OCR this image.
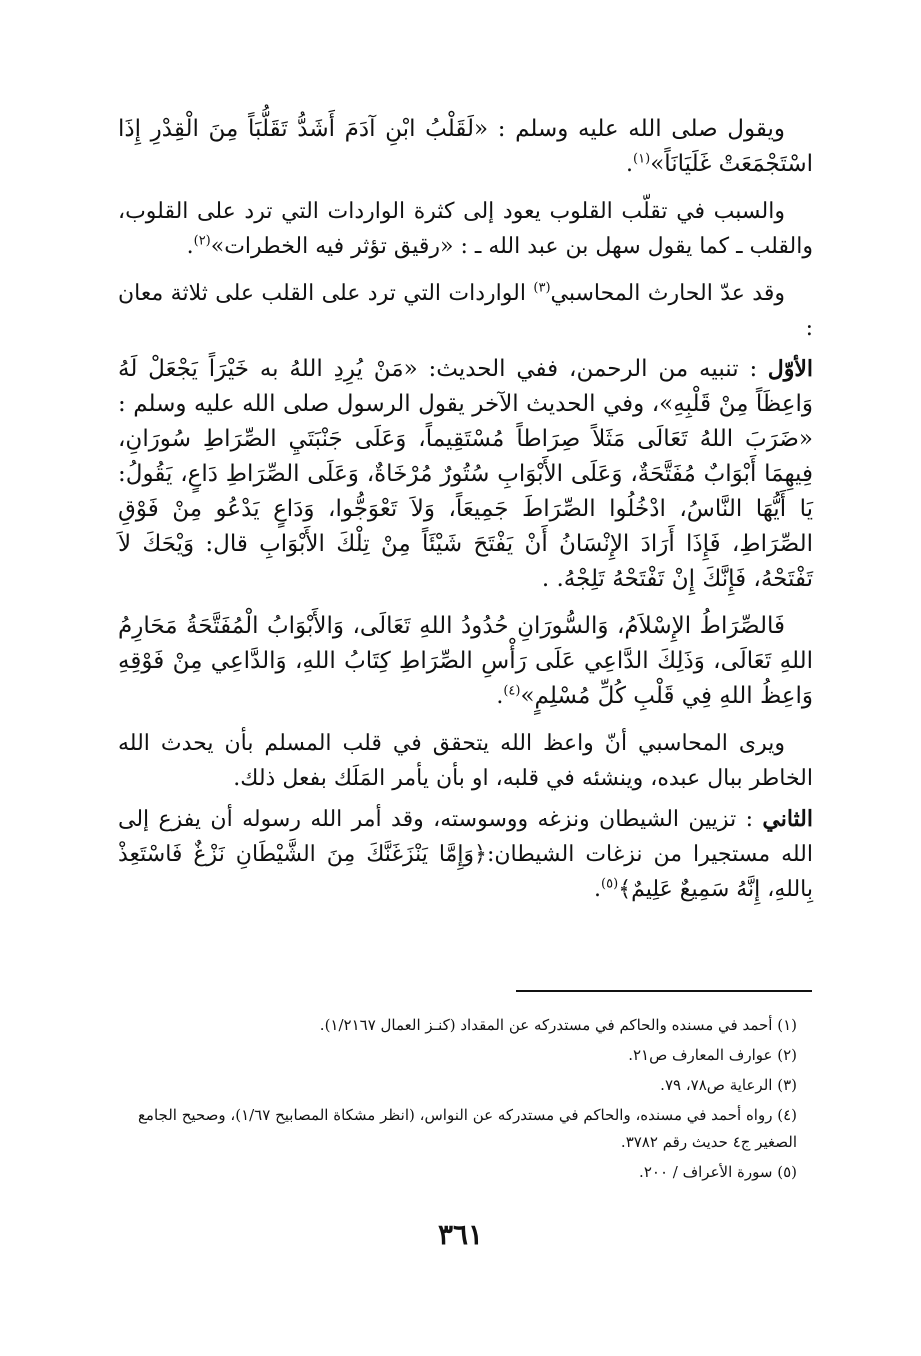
ويقول صلى الله عليه وسلم : «لَقَلْبُ ابْنِ آدَمَ أَشَدُّ تَقَلُّبَاً مِنَ الْقِدْرِ إِذَا اسْتَجْمَعَتْ غَلَيَانَاً»$^{(١)}$.

والسبب في تقلّب القلوب يعود إلى كثرة الواردات التي ترد على القلوب، والقلب ـ كما يقول سهل بن عبد الله ـ : «رقيق تؤثر فيه الخطرات»$^{(٢)}$.

وقد عدّ الحارث المحاسبي$^{(٣)}$ الواردات التي ترد على القلب على ثلاثة معان :

الأوّل : تنبيه من الرحمن، ففي الحديث: «مَنْ يُرِدِ اللهُ به خَيْرَاً يَجْعَلْ لَهُ وَاعِظَاً مِنْ قَلْبِهِ»، وفي الحديث الآخر يقول الرسول صلى الله عليه وسلم : «ضَرَبَ اللهُ تَعَالَى مَثَلاً صِرَاطاً مُسْتَقِيماً، وَعَلَى جَنْبَتَيِ الصِّرَاطِ سُورَانِ، فِيهِمَا أَبْوَابٌ مُفَتَّحَةٌ، وَعَلَى الأَبْوَابِ سُتُورٌ مُرْخَاةٌ، وَعَلَى الصِّرَاطِ دَاعٍ، يَقُولُ: يَا أَيُّهَا النَّاسُ، ادْخُلُوا الصِّرَاطَ جَمِيعَاً، وَلاَ تَعْوَجُّوا، وَدَاعٍ يَدْعُو مِنْ فَوْقِ الصِّرَاطِ، فَإِذَا أَرَادَ الإِنْسَانُ أَنْ يَفْتَحَ شَيْئَاً مِنْ تِلْكَ الأَبْوَابِ قال: وَيْحَكَ لاَ تَفْتَحْهُ، فَإِنَّكَ إِنْ تَفْتَحْهُ تَلِجْهُ. .

فَالصِّرَاطُ الإِسْلاَمُ، وَالسُّورَانِ حُدُودُ اللهِ تَعَالَى، وَالأَبْوَابُ الْمُفَتَّحَةُ مَحَارِمُ اللهِ تَعَالَى، وَذَلِكَ الدَّاعِي عَلَى رَأْسِ الصِّرَاطِ كِتَابُ اللهِ، وَالدَّاعِي مِنْ فَوْقِهِ وَاعِظُ اللهِ فِي قَلْبِ كُلِّ مُسْلِمٍ»$^{(٤)}$.

ويرى المحاسبي أنّ واعظ الله يتحقق في قلب المسلم بأن يحدث الله الخاطر ببال عبده، وينشئه في قلبه، او بأن يأمر المَلَك بفعل ذلك.

الثاني : تزيين الشيطان ونزغه ووسوسته، وقد أمر الله رسوله أن يفزع إلى الله مستجيرا من نزغات الشيطان:﴿وَإِمَّا يَنْزَغَنَّكَ مِنَ الشَّيْطَانِ نَزْغٌ فَاسْتَعِذْ بِاللهِ، إِنَّهُ سَمِيعٌ عَلِيمٌ﴾$^{(٥)}$.

(١) أحمد في مسنده والحاكم في مستدركه عن المقداد (كنـز العمال ١/٢١٦٧).

(٢) عوارف المعارف ص٢١.

(٣) الرعاية ص٧٨، ٧٩.

(٤) رواه أحمد في مسنده، والحاكم في مستدركه عن النواس، (انظر مشكاة المصابيح ١/٦٧)، وصحيح الجامع الصغير ج٤ حديث رقم ٣٧٨٢.

(٥) سورة الأعراف / ٢٠٠.

٣٦١
